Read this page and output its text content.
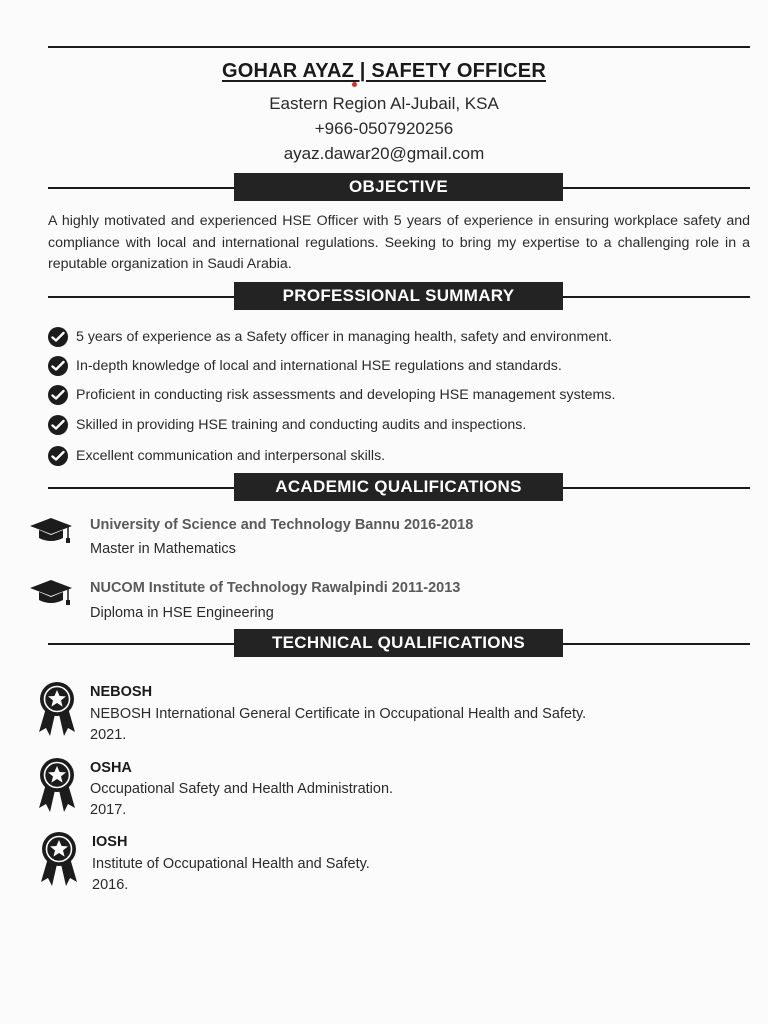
GOHAR AYAZ | SAFETY OFFICER
Eastern Region Al-Jubail, KSA
+966-0507920256
ayaz.dawar20@gmail.com
OBJECTIVE
A highly motivated and experienced HSE Officer with 5 years of experience in ensuring workplace safety and compliance with local and international regulations. Seeking to bring my expertise to a challenging role in a reputable organization in Saudi Arabia.
PROFESSIONAL SUMMARY
5 years of experience as a Safety officer in managing health, safety and environment.
In-depth knowledge of local and international HSE regulations and standards.
Proficient in conducting risk assessments and developing HSE management systems.
Skilled in providing HSE training and conducting audits and inspections.
Excellent communication and interpersonal skills.
ACADEMIC QUALIFICATIONS
University of Science and Technology Bannu 2016-2018
Master in Mathematics
NUCOM Institute of Technology Rawalpindi 2011-2013
Diploma in HSE Engineering
TECHNICAL QUALIFICATIONS
NEBOSH
NEBOSH International General Certificate in Occupational Health and Safety.
2021.
OSHA
Occupational Safety and Health Administration.
2017.
IOSH
Institute of Occupational Health and Safety.
2016.
